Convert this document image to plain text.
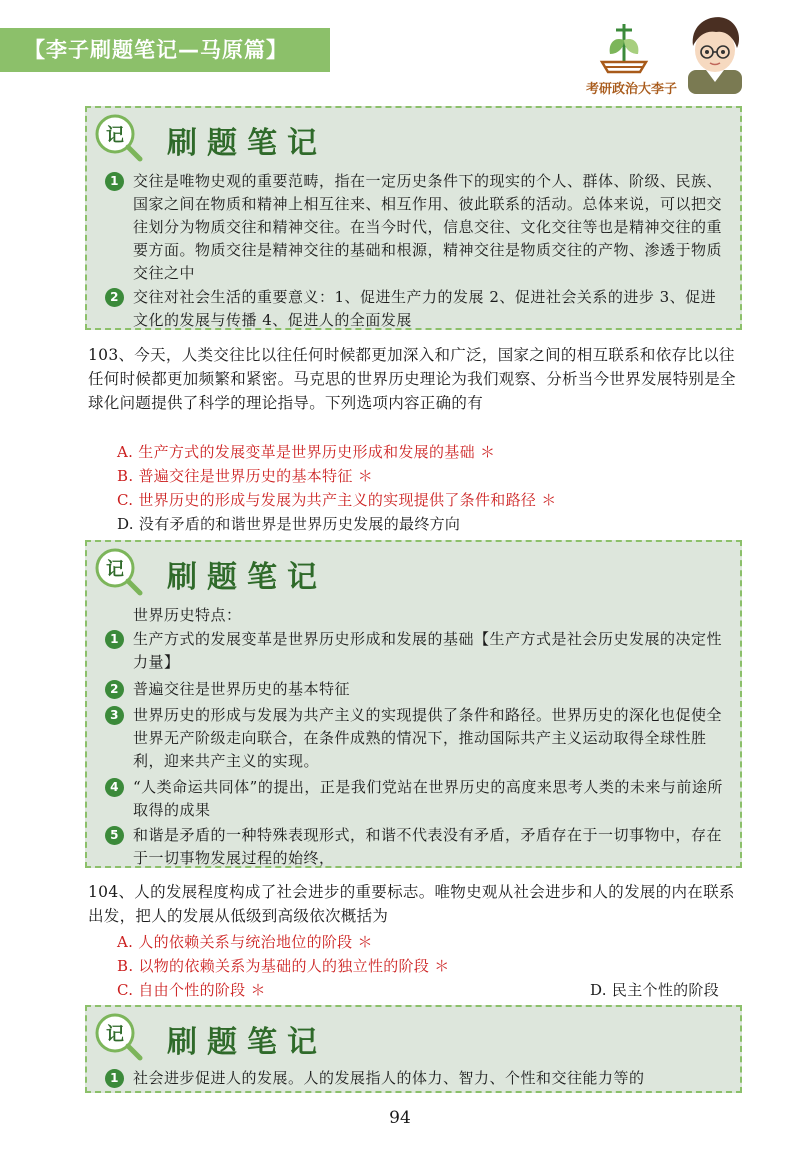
【李子刷题笔记—马原篇】
考研政治大李子
记 刷题笔记
1 交往是唯物史观的重要范畴，指在一定历史条件下的现实的个人、群体、阶级、民族、国家之间在物质和精神上相互往来、相互作用、彼此联系的活动。总体来说，可以把交往划分为物质交往和精神交往。在当今时代，信息交往、文化交往等也是精神交往的重要方面。物质交往是精神交往的基础和根源，精神交往是物质交往的产物、渗透于物质交往之中
2 交往对社会生活的重要意义：1、促进生产力的发展 2、促进社会关系的进步 3、促进文化的发展与传播 4、促进人的全面发展
103、今天，人类交往比以往任何时候都更加深入和广泛，国家之间的相互联系和依存比以往任何时候都更加频繁和紧密。马克思的世界历史理论为我们观察、分析当今世界发展特别是全球化问题提供了科学的理论指导。下列选项内容正确的有
A. 生产方式的发展变革是世界历史形成和发展的基础 ＊
B. 普遍交往是世界历史的基本特征 ＊
C. 世界历史的形成与发展为共产主义的实现提供了条件和路径 ＊
D. 没有矛盾的和谐世界是世界历史发展的最终方向
记 刷题笔记
世界历史特点：
1 生产方式的发展变革是世界历史形成和发展的基础【生产方式是社会历史发展的决定性力量】
2 普遍交往是世界历史的基本特征
3 世界历史的形成与发展为共产主义的实现提供了条件和路径。世界历史的深化也促使全世界无产阶级走向联合，在条件成熟的情况下，推动国际共产主义运动取得全球性胜利，迎来共产主义的实现。
4 “人类命运共同体”的提出，正是我们党站在世界历史的高度来思考人类的未来与前途所取得的成果
5 和谐是矛盾的一种特殊表现形式，和谐不代表没有矛盾，矛盾存在于一切事物中，存在于一切事物发展过程的始终，
104、人的发展程度构成了社会进步的重要标志。唯物史观从社会进步和人的发展的内在联系出发，把人的发展从低级到高级依次概括为
A. 人的依赖关系与统治地位的阶段 ＊
B. 以物的依赖关系为基础的人的独立性的阶段 ＊
C. 自由个性的阶段 ＊	D. 民主个性的阶段
记 刷题笔记
1 社会进步促进人的发展。人的发展指人的体力、智力、个性和交往能力等的
94
